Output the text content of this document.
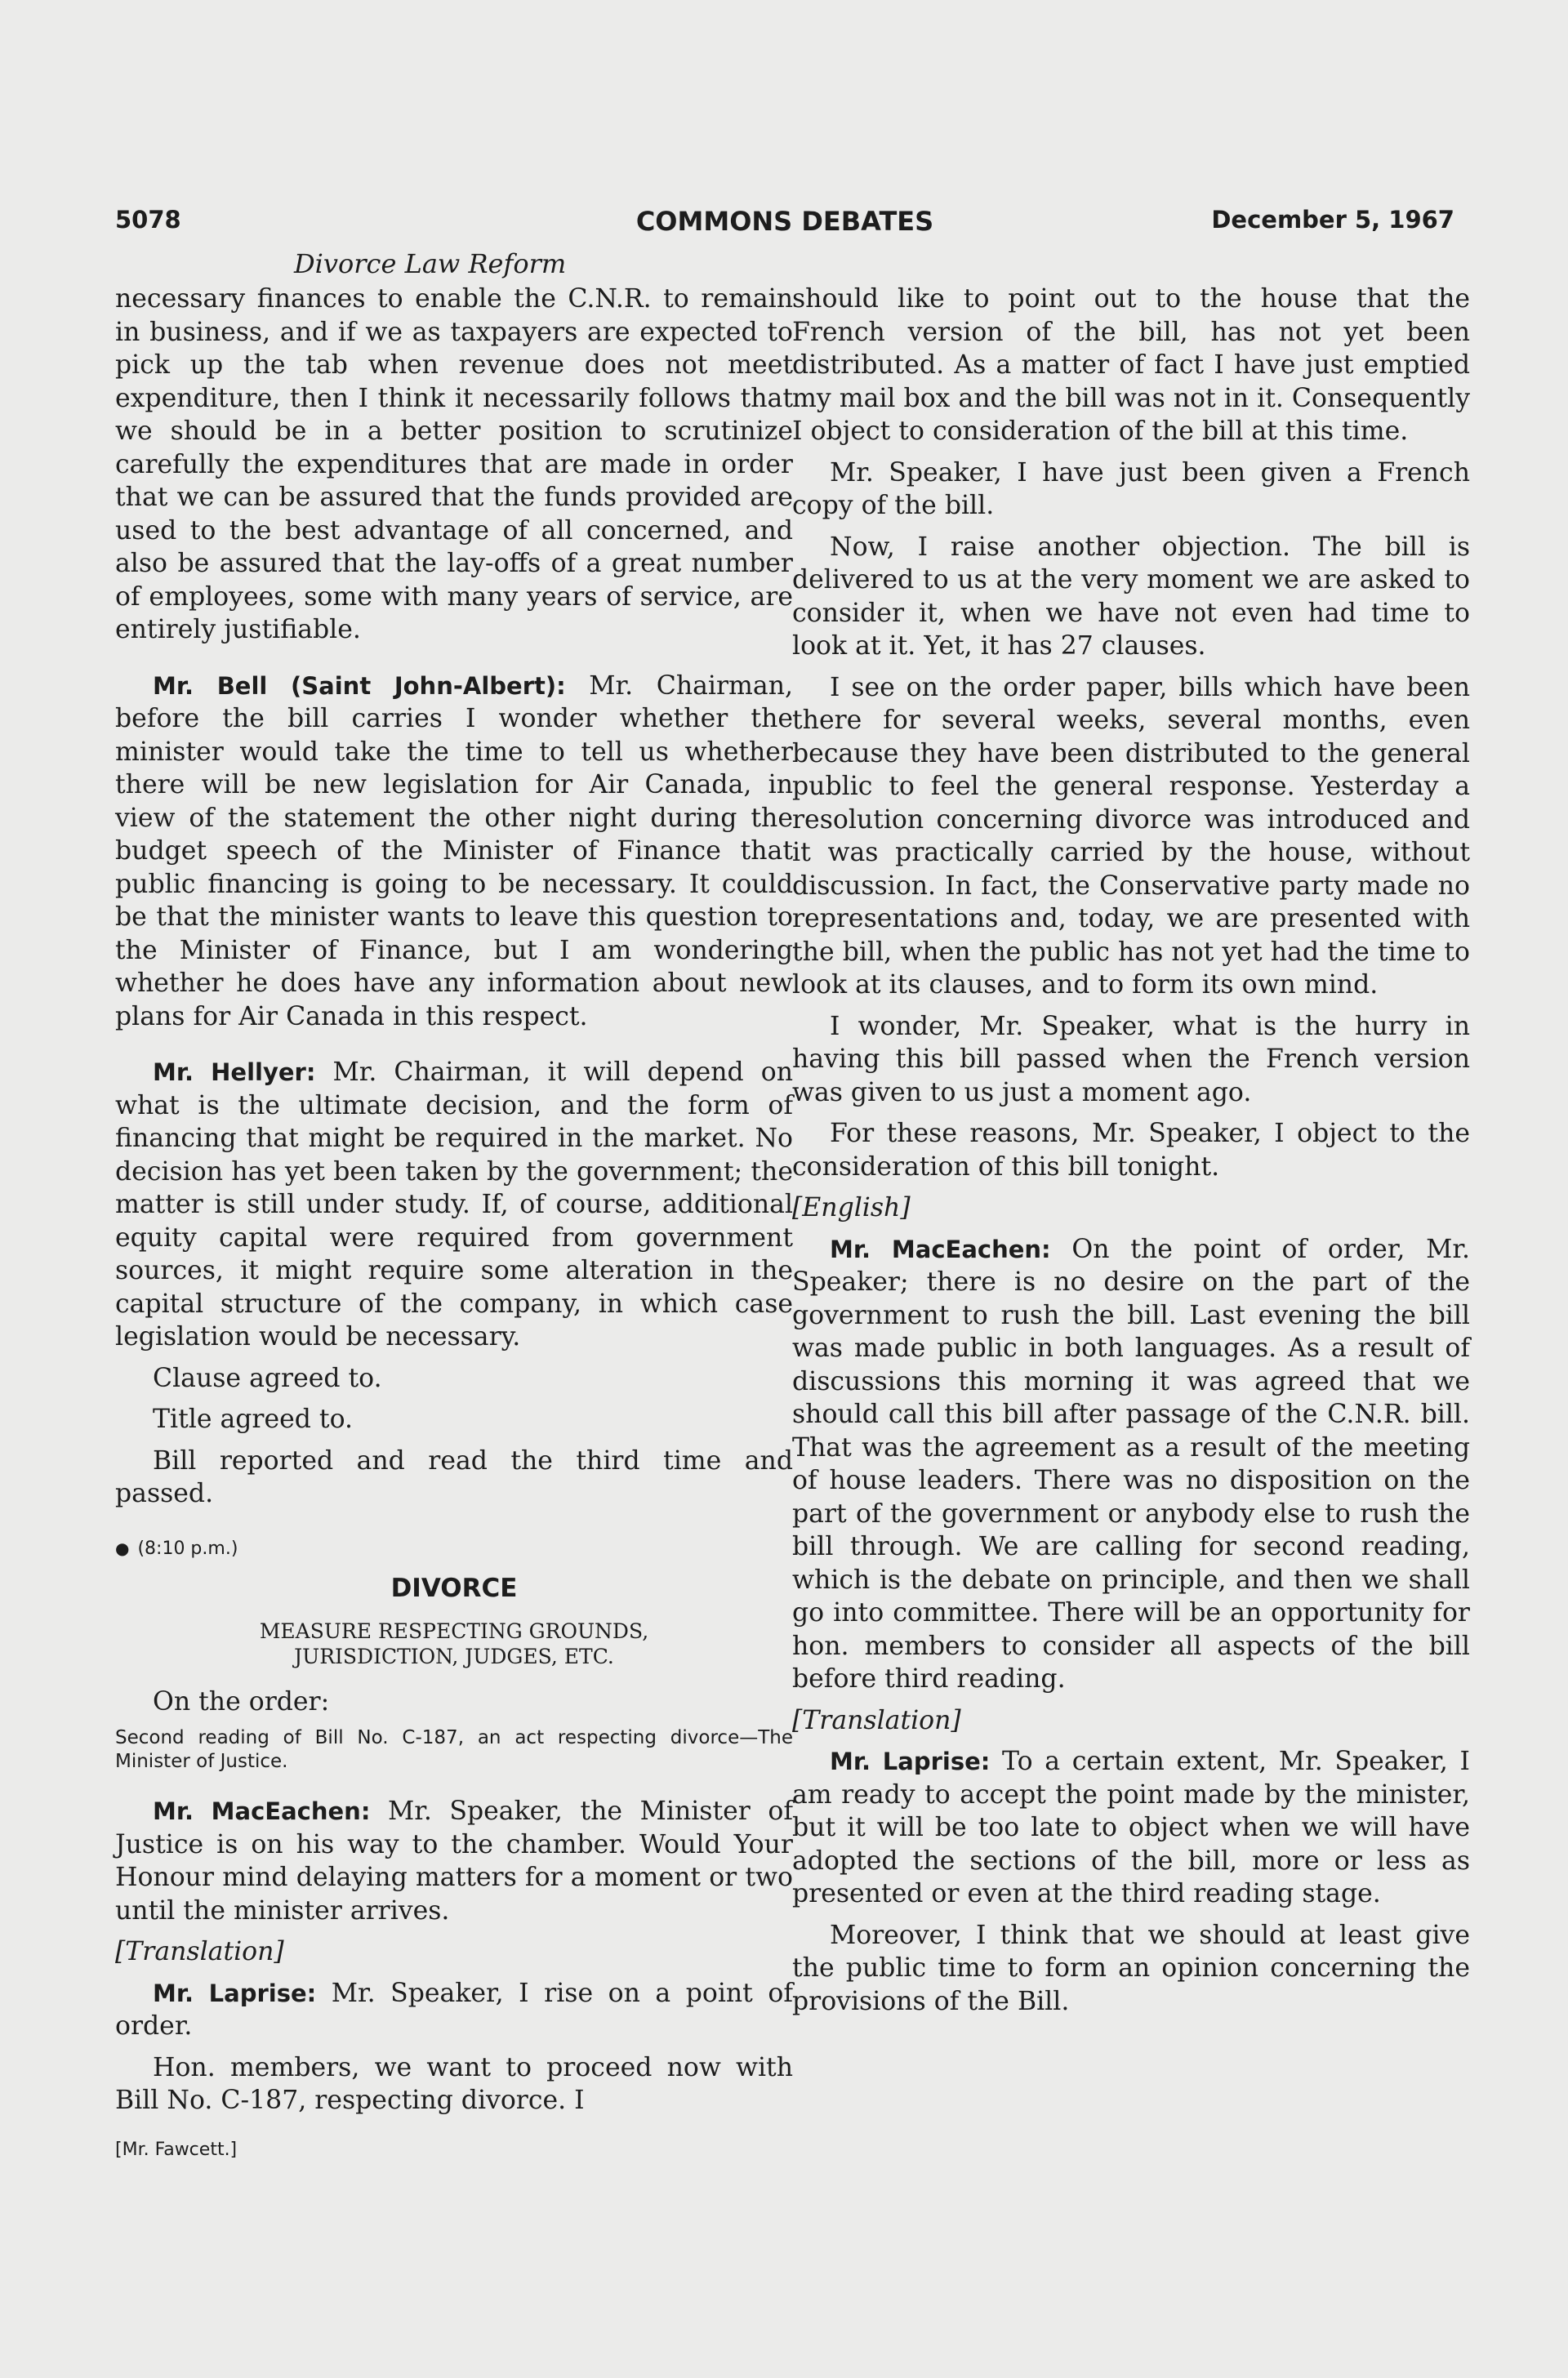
5078	COMMONS DEBATES	December 5, 1967
Divorce Law Reform

necessary finances to enable the C.N.R. to remain in business, and if we as taxpayers are expected to pick up the tab when revenue does not meet expenditure, then I think it necessarily follows that we should be in a better position to scrutinize carefully the expenditures that are made in order that we can be assured that the funds provided are used to the best advantage of all concerned, and also be assured that the lay-offs of a great number of employees, some with many years of service, are entirely justifiable.

Mr. Bell (Saint John-Albert): Mr. Chairman, before the bill carries I wonder whether the minister would take the time to tell us whether there will be new legislation for Air Canada, in view of the statement the other night during the budget speech of the Minister of Finance that public financing is going to be necessary. It could be that the minister wants to leave this question to the Minister of Finance, but I am wondering whether he does have any information about new plans for Air Canada in this respect.

Mr. Hellyer: Mr. Chairman, it will depend on what is the ultimate decision, and the form of financing that might be required in the market. No decision has yet been taken by the government; the matter is still under study. If, of course, additional equity capital were required from government sources, it might require some alteration in the capital structure of the company, in which case legislation would be necessary.

Clause agreed to.

Title agreed to.

Bill reported and read the third time and passed.

● (8:10 p.m.)
DIVORCE
MEASURE RESPECTING GROUNDS,
JURISDICTION, JUDGES, ETC.

On the order:

Second reading of Bill No. C-187, an act respecting divorce—The Minister of Justice.

Mr. MacEachen: Mr. Speaker, the Minister of Justice is on his way to the chamber. Would Your Honour mind delaying matters for a moment or two until the minister arrives.

[Translation]

Mr. Laprise: Mr. Speaker, I rise on a point of order.

Hon. members, we want to proceed now with Bill No. C-187, respecting divorce. I

[Mr. Fawcett.]

should like to point out to the house that the French version of the bill, has not yet been distributed. As a matter of fact I have just emptied my mail box and the bill was not in it. Consequently I object to consideration of the bill at this time.

Mr. Speaker, I have just been given a French copy of the bill.

Now, I raise another objection. The bill is delivered to us at the very moment we are asked to consider it, when we have not even had time to look at it. Yet, it has 27 clauses.

I see on the order paper, bills which have been there for several weeks, several months, even because they have been distributed to the general public to feel the general response. Yesterday a resolution concerning divorce was introduced and it was practically carried by the house, without discussion. In fact, the Conservative party made no representations and, today, we are presented with the bill, when the public has not yet had the time to look at its clauses, and to form its own mind.

I wonder, Mr. Speaker, what is the hurry in having this bill passed when the French version was given to us just a moment ago.

For these reasons, Mr. Speaker, I object to the consideration of this bill tonight.

[English]

Mr. MacEachen: On the point of order, Mr. Speaker; there is no desire on the part of the government to rush the bill. Last evening the bill was made public in both languages. As a result of discussions this morning it was agreed that we should call this bill after passage of the C.N.R. bill. That was the agreement as a result of the meeting of house leaders. There was no disposition on the part of the government or anybody else to rush the bill through. We are calling for second reading, which is the debate on principle, and then we shall go into committee. There will be an opportunity for hon. members to consider all aspects of the bill before third reading.

[Translation]

Mr. Laprise: To a certain extent, Mr. Speaker, I am ready to accept the point made by the minister, but it will be too late to object when we will have adopted the sections of the bill, more or less as presented or even at the third reading stage.

Moreover, I think that we should at least give the public time to form an opinion concerning the provisions of the Bill.
